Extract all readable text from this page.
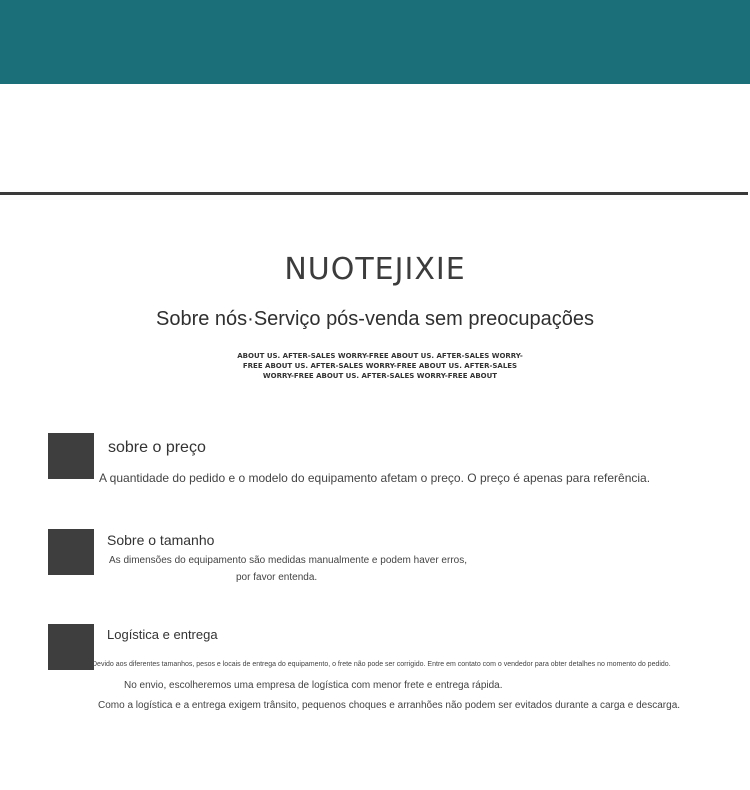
NUOTEJIXIE
Sobre nós·Serviço pós-venda sem preocupações
ABOUT US. AFTER-SALES WORRY-FREE ABOUT US. AFTER-SALES WORRY-FREE ABOUT US. AFTER-SALES WORRY-FREE ABOUT US. AFTER-SALES WORRY-FREE ABOUT US. AFTER-SALES WORRY-FREE ABOUT
sobre o preço
A quantidade do pedido e o modelo do equipamento afetam o preço. O preço é apenas para referência.
Sobre o tamanho
As dimensões do equipamento são medidas manualmente e podem haver erros,
por favor entenda.
Logística e entrega
Devido aos diferentes tamanhos, pesos e locais de entrega do equipamento, o frete não pode ser corrigido. Entre em contato com o vendedor para obter detalhes no momento do pedido.
No envio, escolheremos uma empresa de logística com menor frete e entrega rápida.
Como a logística e a entrega exigem trânsito, pequenos choques e arranhões não podem ser evitados durante a carga e descarga.
